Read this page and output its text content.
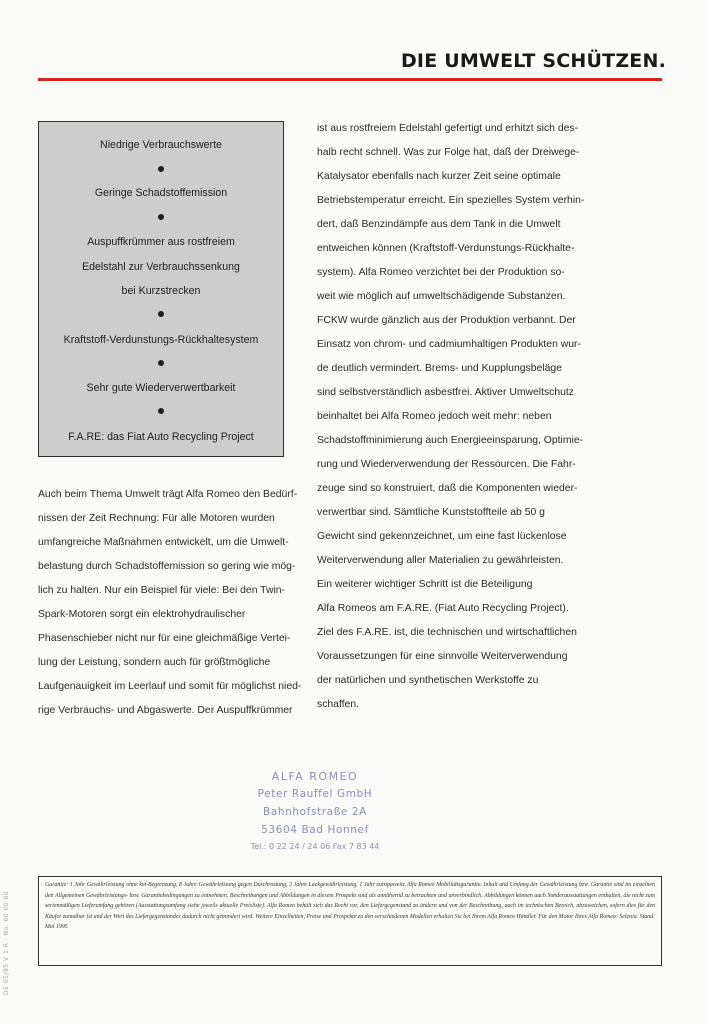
DIE UMWELT SCHÜTZEN.
Niedrige Verbrauchswerte
Geringe Schadstoffemission
Auspuffkrümmer aus rostfreiem
Edelstahl zur Verbrauchssenkung
bei Kurzstrecken
Kraftstoff-Verdunstungs-Rückhaltesystem
Sehr gute Wiederverwertbarkeit
F.A.RE: das Fiat Auto Recycling Project
Auch beim Thema Umwelt trägt Alfa Romeo den Bedürf-
nissen der Zeit Rechnung: Für alle Motoren wurden
umfangreiche Maßnahmen entwickelt, um die Umwelt-
belastung durch Schadstoffemission so gering wie mög-
lich zu halten. Nur ein Beispiel für viele: Bei den Twin-
Spark-Motoren sorgt ein elektrohydraulischer
Phasenschieber nicht nur für eine gleichmäßige Vertei-
lung der Leistung, sondern auch für größtmögliche
Laufgenauigkeit im Leerlauf und somit für möglichst nied-
rige Verbrauchs- und Abgaswerte. Der Auspuffkrümmer
ist aus rostfreiem Edelstahl gefertigt und erhitzt sich des-
halb recht schnell. Was zur Folge hat, daß der Dreiwege-
Katalysator ebenfalls nach kurzer Zeit seine optimale
Betriebstemperatur erreicht. Ein spezielles System verhin-
dert, daß Benzindämpfe aus dem Tank in die Umwelt
entweichen können (Kraftstoff-Verdunstungs-Rückhalte-
system). Alfa Romeo verzichtet bei der Produktion so-
weit wie möglich auf umweltschädigende Substanzen.
FCKW wurde gänzlich aus der Produktion verbannt. Der
Einsatz von chrom- und cadmiumhaltigen Produkten wur-
de deutlich vermindert. Brems- und Kupplungsbeläge
sind selbstverständlich asbestfrei. Aktiver Umweltschutz
beinhaltet bei Alfa Romeo jedoch weit mehr: neben
Schadstoffminimierung auch Energieeinsparung, Optimie-
rung und Wiederverwendung der Ressourcen. Die Fahr-
zeuge sind so konstruiert, daß die Komponenten wieder-
verwertbar sind. Sämtliche Kunststoffteile ab 50 g
Gewicht sind gekennzeichnet, um eine fast lückenlose
Weiterverwendung aller Materialien zu gewährleisten.
Ein weiterer wichtiger Schritt ist die Beteiligung
Alfa Romeos am F.A.RE. (Fiat Auto Recycling Project).
Ziel des F.A.RE. ist, die technischen und wirtschaftlichen
Voraussetzungen für eine sinnvolle Weiterverwendung
der natürlichen und synthetischen Werkstoffe zu
schaffen.
ALFA ROMEO
Peter Rauffel GmbH
Bahnhofstraße 2A
53604 Bad Honnef
Tel.: 0 22 24 / 24 06 Fax 7 83 44
Garantie: 1 Jahr Gewährleistung ohne km-Begrenzung, 8 Jahre Gewährleistung gegen Durchrostung, 3 Jahre Lackgewährleistung, 1 Jahr europaweite Alfa Romeo Mobilitätsgarantie. Inhalt und Umfang der Gewährleistung bzw. Garantie sind im einzelnen den Allgemeinen Gewährleistungs- bzw. Garantiebedingungen zu entnehmen. Beschreibungen und Abbildungen in diesem Prospekt sind als annähernd zu betrachten und unverbindlich. Abbildungen können auch Sonderausstattungen enthalten, die nicht zum serienmäßigen Lieferumfang gehören (Ausstattungsumfang siehe jeweils aktuelle Preisliste). Alfa Romeo behält sich das Recht vor, den Liefergegenstand zu ändern und von der Beschreibung, auch im technischen Bereich, abzuweichen, sofern dies für den Käufer zumutbar ist und der Wert des Liefergegenstandes dadurch nicht gemindert wird. Weitere Einzelheiten, Preise und Prospekte zu den verschiedenen Modellen erhalten Sie bei Ihrem Alfa Romeo Händler. Für den Motor Ihres Alfa Romeo: Selenia. Stand: Mai 1995
DE 05/95 V 1 R · No. 00 00 00
